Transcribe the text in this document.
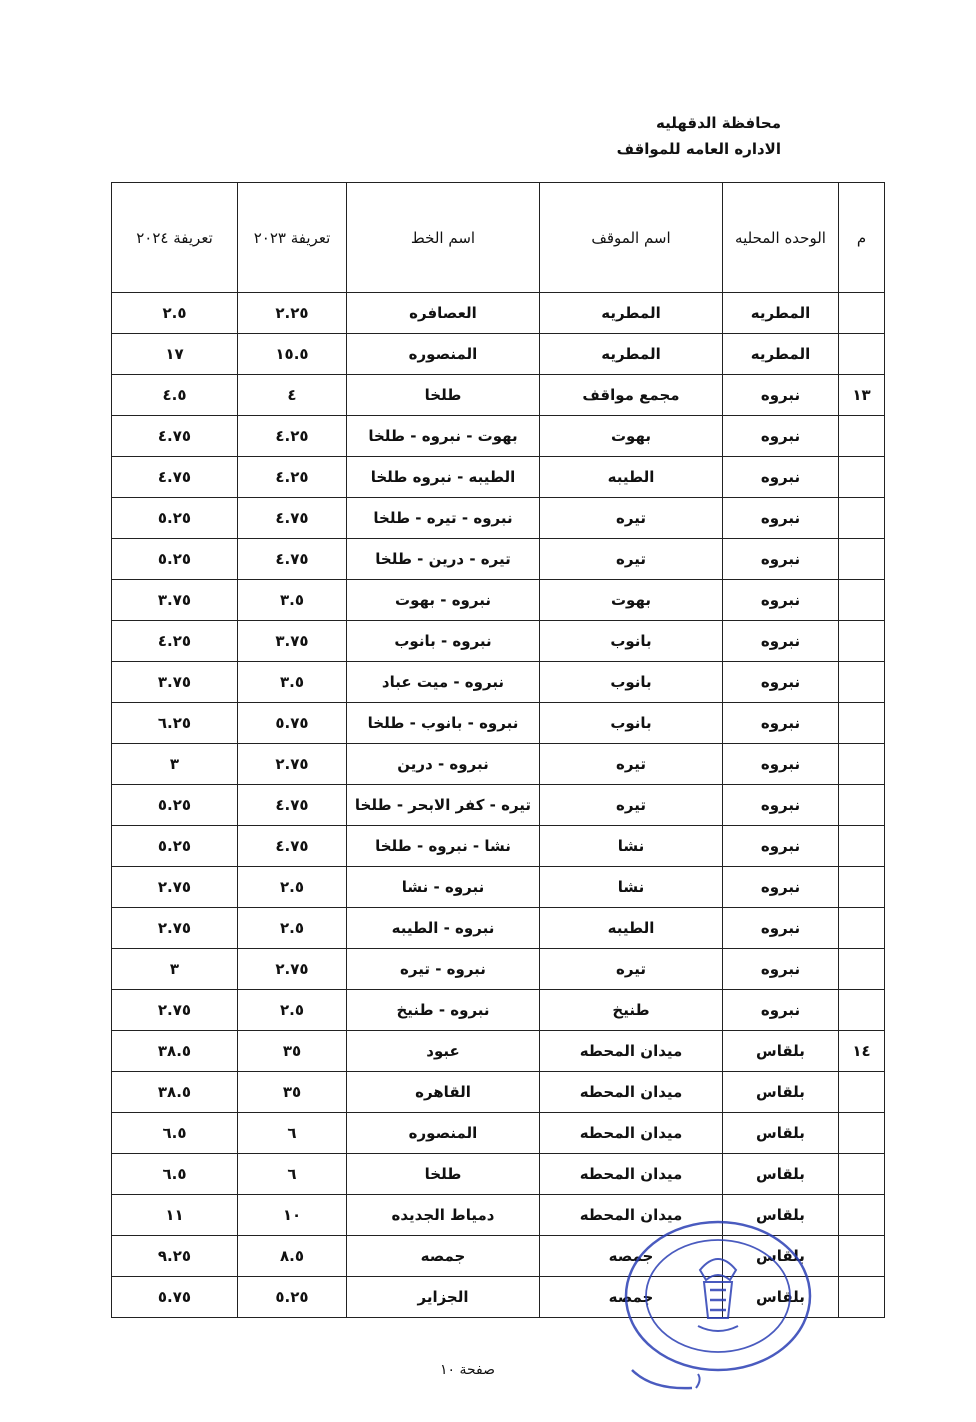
محافظة الدقهليه
الاداره العامه للمواقف
م	الوحده المحليه	اسم الموقف	اسم الخط	تعريفة ٢٠٢٣	تعريفة ٢٠٢٤
	المطريه	المطريه	العصافره	٢.٢٥	٢.٥
	المطريه	المطريه	المنصوره	١٥.٥	١٧
١٣	نبروه	مجمع مواقف	طلخا	٤	٤.٥
	نبروه	بهوت	بهوت - نبروه - طلخا	٤.٢٥	٤.٧٥
	نبروه	الطيبه	الطيبه - نبروه طلخا	٤.٢٥	٤.٧٥
	نبروه	تيره	نبروه - تيره - طلخا	٤.٧٥	٥.٢٥
	نبروه	تيره	تيره - درين - طلخا	٤.٧٥	٥.٢٥
	نبروه	بهوت	نبروه - بهوت	٣.٥	٣.٧٥
	نبروه	بانوب	نبروه - بانوب	٣.٧٥	٤.٢٥
	نبروه	بانوب	نبروه - ميت عباد	٣.٥	٣.٧٥
	نبروه	بانوب	نبروه - بانوب - طلخا	٥.٧٥	٦.٢٥
	نبروه	تيره	نبروه - درين	٢.٧٥	٣
	نبروه	تيره	تيره - كفر الابحر - طلخا	٤.٧٥	٥.٢٥
	نبروه	نشا	نشا - نبروه - طلخا	٤.٧٥	٥.٢٥
	نبروه	نشا	نبروه - نشا	٢.٥	٢.٧٥
	نبروه	الطيبه	نبروه - الطيبه	٢.٥	٢.٧٥
	نبروه	تيره	نبروه - تيره	٢.٧٥	٣
	نبروه	طنيخ	نبروه - طنيخ	٢.٥	٢.٧٥
١٤	بلقاس	ميدان المحطه	عبود	٣٥	٣٨.٥
	بلقاس	ميدان المحطه	القاهره	٣٥	٣٨.٥
	بلقاس	ميدان المحطه	المنصوره	٦	٦.٥
	بلقاس	ميدان المحطه	طلخا	٦	٦.٥
	بلقاس	ميدان المحطه	دمياط الجديده	١٠	١١
	بلقاس	جمصه	جمصه	٨.٥	٩.٢٥
	بلقاس	جمصه	الجزاير	٥.٢٥	٥.٧٥
صفحة ١٠
